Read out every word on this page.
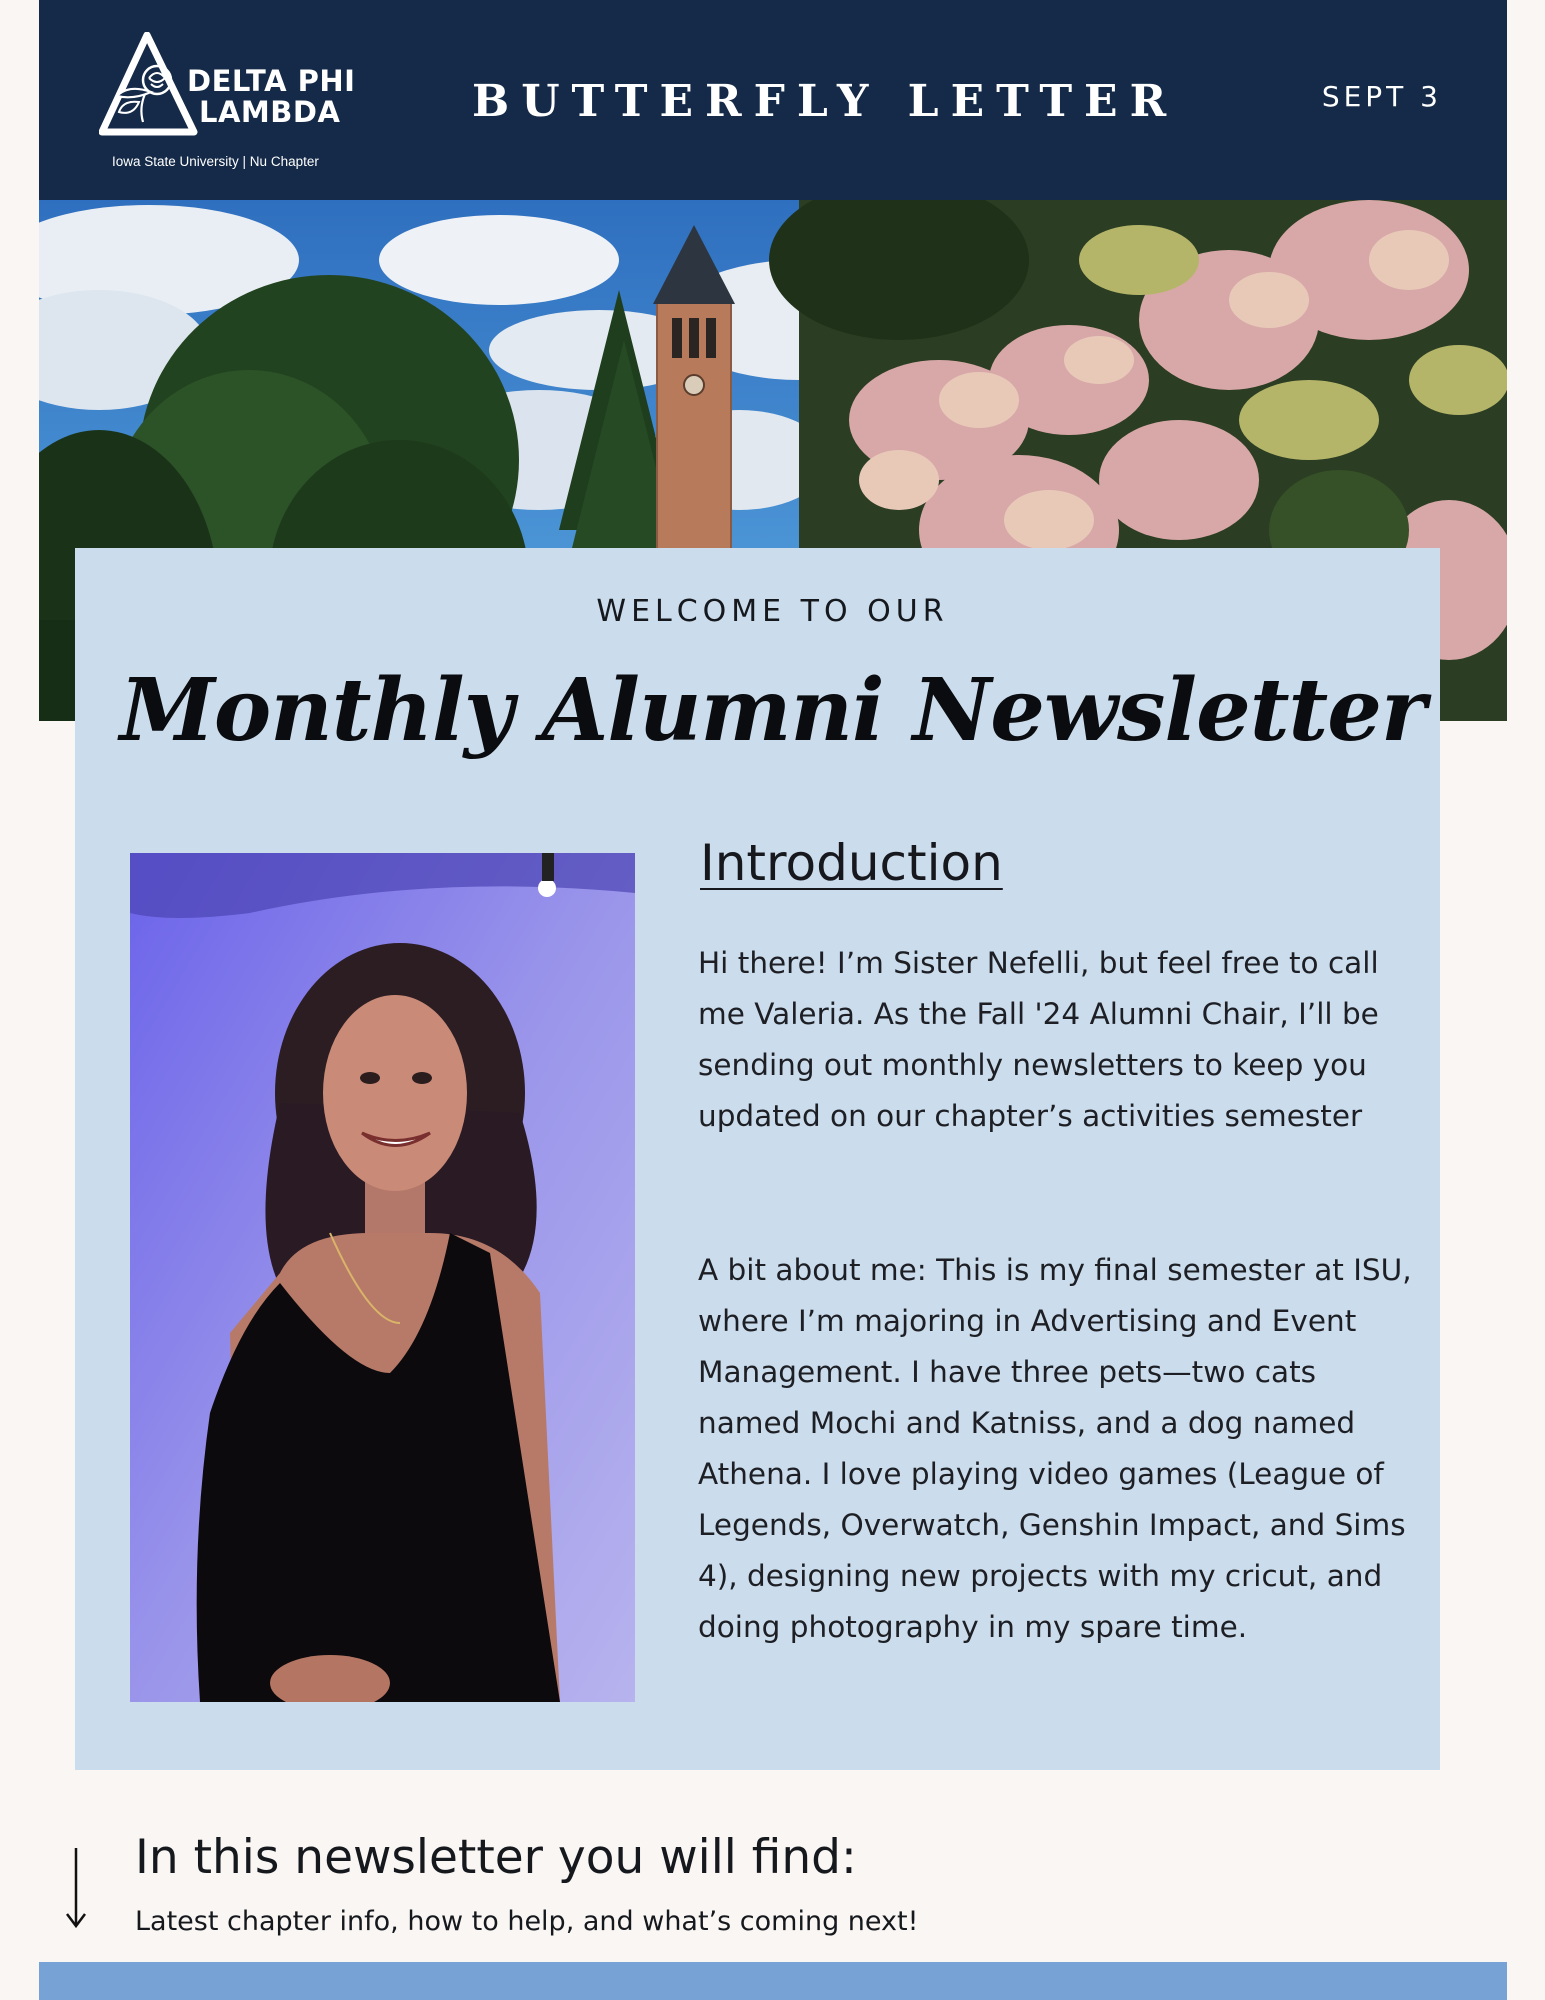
DELTA PHI
LAMBDA
Iowa State University | Nu Chapter
BUTTERFLY LETTER	SEPT 3
WELCOME TO OUR
Monthly Alumni Newsletter
Introduction

Hi there! I’m Sister Nefelli, but feel free to call me Valeria. As the Fall '24 Alumni Chair, I’ll be sending out monthly newsletters to keep you updated on our chapter’s activities semester

A bit about me: This is my final semester at ISU, where I’m majoring in Advertising and Event Management. I have three pets—two cats named Mochi and Katniss, and a dog named Athena. I love playing video games (League of Legends, Overwatch, Genshin Impact, and Sims 4), designing new projects with my cricut, and doing photography in my spare time.

In this newsletter you will find:
Latest chapter info, how to help, and what’s coming next!
